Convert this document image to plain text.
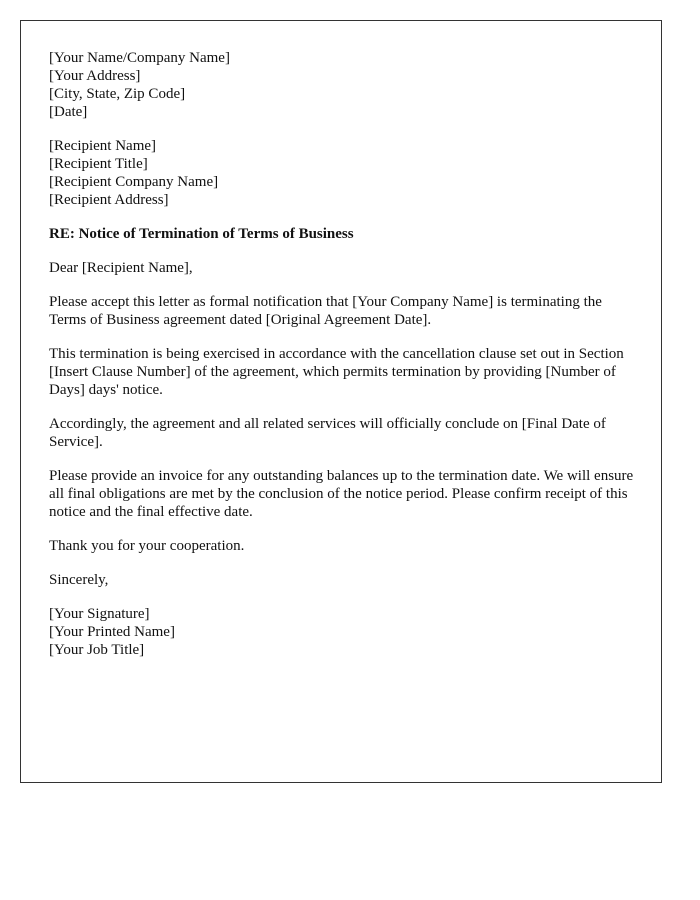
[Your Name/Company Name]
[Your Address]
[City, State, Zip Code]
[Date]

[Recipient Name]
[Recipient Title]
[Recipient Company Name]
[Recipient Address]

RE: Notice of Termination of Terms of Business

Dear [Recipient Name],

Please accept this letter as formal notification that [Your Company Name] is terminating the Terms of Business agreement dated [Original Agreement Date].

This termination is being exercised in accordance with the cancellation clause set out in Section [Insert Clause Number] of the agreement, which permits termination by providing [Number of Days] days' notice.

Accordingly, the agreement and all related services will officially conclude on [Final Date of Service].

Please provide an invoice for any outstanding balances up to the termination date. We will ensure all final obligations are met by the conclusion of the notice period. Please confirm receipt of this notice and the final effective date.

Thank you for your cooperation.

Sincerely,

[Your Signature]
[Your Printed Name]
[Your Job Title]
